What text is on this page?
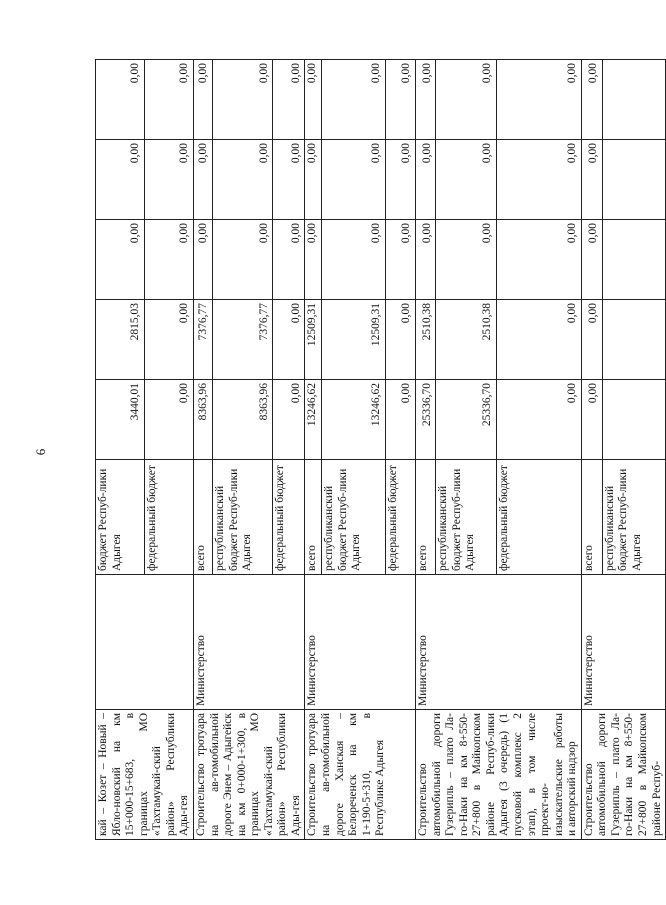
6
кай – Козет – Новый – Ябло-новский на км 15+000-15+683, в границах МО «Тахтамукай-ский район» Республики Ады-гея		бюджет Респуб-лики Адыгея	3440,01	2815,03	0,00	0,00	0,00
		федеральный бюджет	0,00	0,00	0,00	0,00	0,00
Строительство тротуара на ав-томобильной дороге Энем – Адыгейск на км 0+000-1+300, в границах МО «Тахтамукай-ский район» Республики Ады-гея	Министерство	всего	8363,96	7376,77	0,00	0,00	0,00
		республиканский бюджет Респуб-лики Адыгея	8363,96	7376,77	0,00	0,00	0,00
		федеральный бюджет	0,00	0,00	0,00	0,00	0,00
Строительство тротуара на ав-томобильной дороге Ханская – Белореченск на км 1+190-5+310, в Республике Адыгея	Министерство	всего	13246,62	12509,31	0,00	0,00	0,00
		республиканский бюджет Респуб-лики Адыгея	13246,62	12509,31	0,00	0,00	0,00
		федеральный бюджет	0,00	0,00	0,00	0,00	0,00
Строительство автомобильной дороги Гузерипль – плато Ла-го-Наки на км 8+550-27+800 в Майкопском районе Респуб-лики Адыгея (3 очередь) (1 пусковой комплекс 2 этап), в том числе проект-но-изыскательские работы и авторский надзор	Министерство	всего	25336,70	2510,38	0,00	0,00	0,00
		республиканский бюджет Респуб-лики Адыгея	25336,70	2510,38	0,00	0,00	0,00
		федеральный бюджет	0,00	0,00	0,00	0,00	0,00
Строительство автомобильной дороги Гузерипль – плато Ла-го-Наки на км 8+550-27+800 в Майкопском районе Респуб-	Министерство	всего	0,00	0,00	0,00	0,00	0,00
		республиканский бюджет Респуб-лики Адыгея					
